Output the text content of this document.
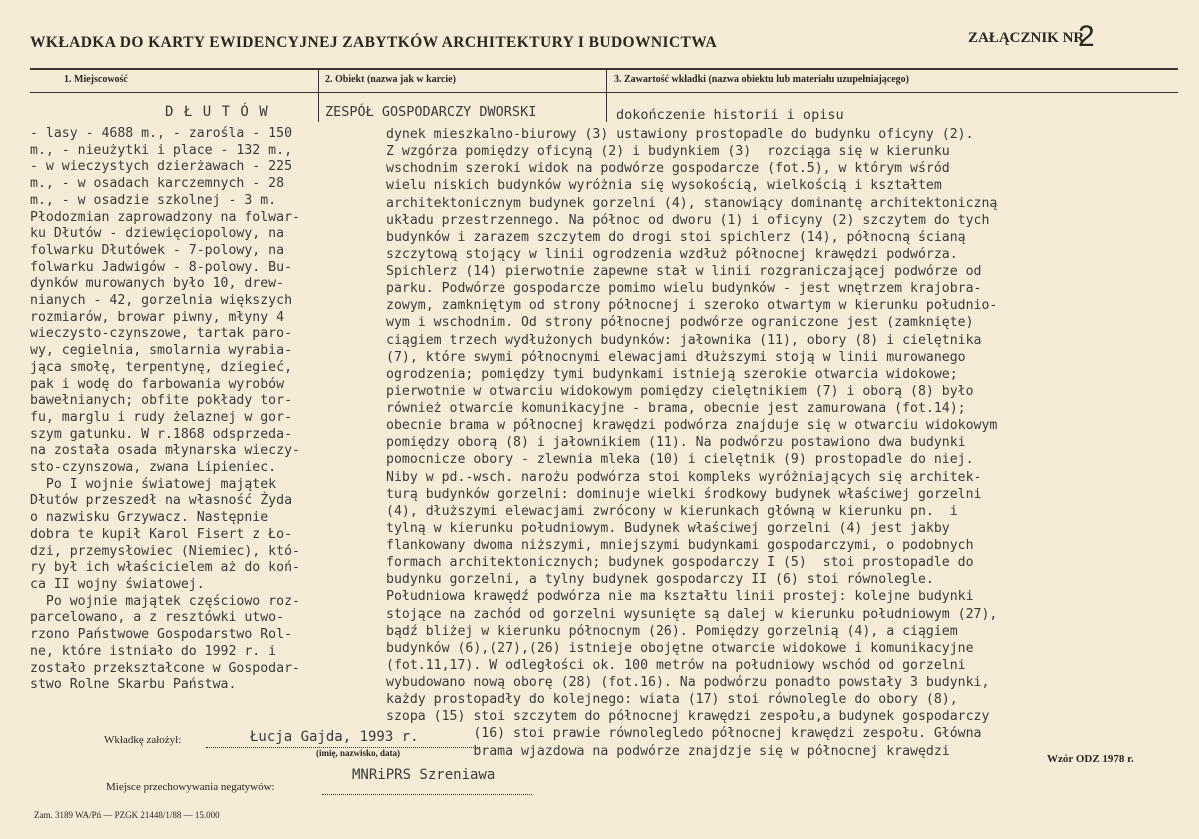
WKŁADKA DO KARTY EWIDENCYJNEJ ZABYTKÓW ARCHITEKTURY I BUDOWNICTWA	ZAŁĄCZNIK NR
2
1. Miejscowość	2. Obiekt (nazwa jak w karcie)	3. Zawartość wkładki (nazwa obiektu lub materiału uzupełniającego)
D Ł U T Ó W	ZESPÓŁ GOSPODARCZY DWORSKI	dokończenie historii i opisu
- lasy - 4688 m., - zarośla - 150
m., - nieużytki i place - 132 m.,
- w wieczystych dzierżawach - 225
m., - w osadach karczemnych - 28
m., - w osadzie szkolnej - 3 m.
Płodozmian zaprowadzony na folwar-
ku Dłutów - dziewięciopolowy, na
folwarku Dłutówek - 7-polowy, na
folwarku Jadwigów - 8-polowy. Bu-
dynków murowanych było 10, drew-
nianych - 42, gorzelnia większych
rozmiarów, browar piwny, młyny 4
wieczysto-czynszowe, tartak paro-
wy, cegielnia, smolarnia wyrabia-
jąca smołę, terpentynę, dziegieć,
pak i wodę do farbowania wyrobów
bawełnianych; obfite pokłady tor-
fu, marglu i rudy żelaznej w gor-
szym gatunku. W r.1868 odsprzeda-
na została osada młynarska wieczy-
sto-czynszowa, zwana Lipieniec.
Po I wojnie światowej majątek
Dłutów przeszedł na własność Żyda
o nazwisku Grzywacz. Następnie
dobra te kupił Karol Fisert z Ło-
dzi, przemysłowiec (Niemiec), któ-
ry był ich właścicielem aż do koń-
ca II wojny światowej.
Po wojnie majątek częściowo roz-
parcelowano, a z resztówki utwo-
rzono Państwowe Gospodarstwo Rol-
ne, które istniało do 1992 r. i
zostało przekształcone w Gospodar-
stwo Rolne Skarbu Państwa.
dynek mieszkalno-biurowy (3) ustawiony prostopadle do budynku oficyny (2).
Z wzgórza pomiędzy oficyną (2) i budynkiem (3)  rozciąga się w kierunku
wschodnim szeroki widok na podwórze gospodarcze (fot.5), w którym wśród
wielu niskich budynków wyróżnia się wysokością, wielkością i kształtem
architektonicznym budynek gorzelni (4), stanowiący dominantę architektoniczną
układu przestrzennego. Na północ od dworu (1) i oficyny (2) szczytem do tych
budynków i zarazem szczytem do drogi stoi spichlerz (14), północną ścianą
szczytową stojący w linii ogrodzenia wzdłuż północnej krawędzi podwórza.
Spichlerz (14) pierwotnie zapewne stał w linii rozgraniczającej podwórze od
parku. Podwórze gospodarcze pomimo wielu budynków - jest wnętrzem krajobra-
zowym, zamkniętym od strony północnej i szeroko otwartym w kierunku południo-
wym i wschodnim. Od strony północnej podwórze ograniczone jest (zamknięte)
ciągiem trzech wydłużonych budynków: jałownika (11), obory (8) i cielętnika
(7), które swymi północnymi elewacjami dłuższymi stoją w linii murowanego
ogrodzenia; pomiędzy tymi budynkami istnieją szerokie otwarcia widokowe;
pierwotnie w otwarciu widokowym pomiędzy cielętnikiem (7) i oborą (8) było
również otwarcie komunikacyjne - brama, obecnie jest zamurowana (fot.14);
obecnie brama w północnej krawędzi podwórza znajduje się w otwarciu widokowym
pomiędzy oborą (8) i jałownikiem (11). Na podwórzu postawiono dwa budynki
pomocnicze obory - zlewnia mleka (10) i cielętnik (9) prostopadle do niej.
Niby w pd.-wsch. narożu podwórza stoi kompleks wyróżniających się architek-
turą budynków gorzelni: dominuje wielki środkowy budynek właściwej gorzelni
(4), dłuższymi elewacjami zwrócony w kierunkach główną w kierunku pn.  i
tylną w kierunku południowym. Budynek właściwej gorzelni (4) jest jakby
flankowany dwoma niższymi, mniejszymi budynkami gospodarczymi, o podobnych
formach architektonicznych; budynek gospodarczy I (5)  stoi prostopadle do
budynku gorzelni, a tylny budynek gospodarczy II (6) stoi równolegle.
Południowa krawędź podwórza nie ma kształtu linii prostej: kolejne budynki
stojące na zachód od gorzelni wysunięte są dalej w kierunku południowym (27),
bądź bliżej w kierunku północnym (26). Pomiędzy gorzelnią (4), a ciągiem
budynków (6),(27),(26) istnieje obojętne otwarcie widokowe i komunikacyjne
(fot.11,17). W odległości ok. 100 metrów na południowy wschód od gorzelni
wybudowano nową oborę (28) (fot.16). Na podwórzu ponadto powstały 3 budynki,
każdy prostopadły do kolejnego: wiata (17) stoi równolegle do obory (8),
szopa (15) stoi szczytem do północnej krawędzi zespołu,a budynek gospodarczy
(16) stoi prawie równolegledo północnej krawędzi zespołu. Główna
brama wjazdowa na podwórze znajdzje się w północnej krawędzi
Wkładkę założył:	Łucja Gajda, 1993 r.
(imię, nazwisko, data)
Miejsce przechowywania negatywów:
MNRiPRS Szreniawa
Wzór ODZ 1978 r.
Zam. 3189 WA/Pń — PZGK 21448/1/88 — 15.000
